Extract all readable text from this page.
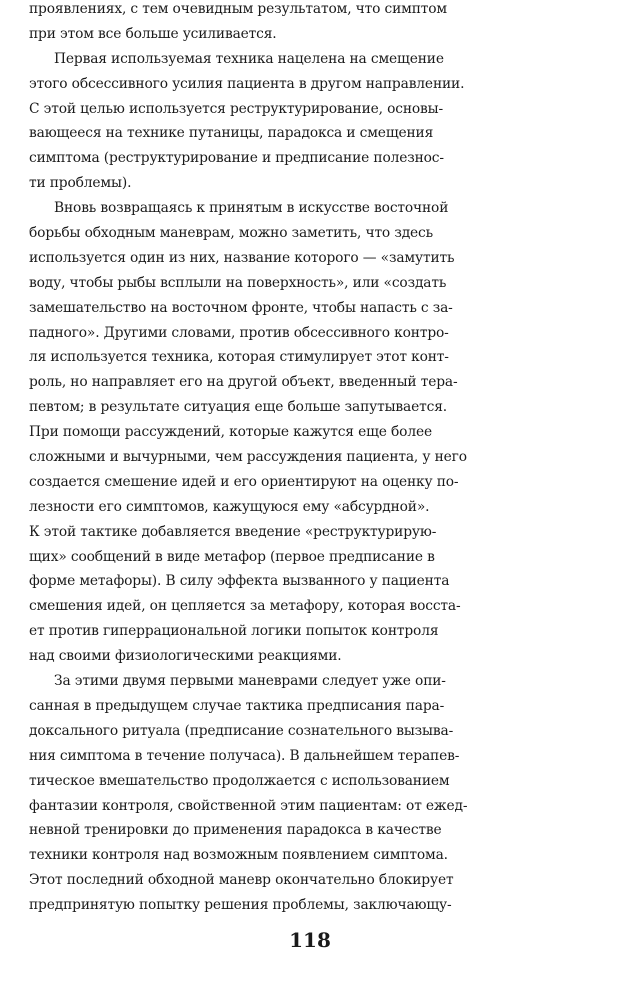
проявлениях, с тем очевидным результатом, что симптом
при этом все больше усиливается.
Первая используемая техника нацелена на смещение
этого обсессивного усилия пациента в другом направлении.
С этой целью используется реструктурирование, основы-
вающееся на технике путаницы, парадокса и смещения
симптома (реструктурирование и предписание полезнос-
ти проблемы).
Вновь возвращаясь к принятым в искусстве восточной
борьбы обходным маневрам, можно заметить, что здесь
используется один из них, название которого — «замутить
воду, чтобы рыбы всплыли на поверхность», или «создать
замешательство на восточном фронте, чтобы напасть с за-
падного». Другими словами, против обсессивного контро-
ля используется техника, которая стимулирует этот конт-
роль, но направляет его на другой объект, введенный тера-
певтом; в результате ситуация еще больше запутывается.
При помощи рассуждений, которые кажутся еще более
сложными и вычурными, чем рассуждения пациента, у него
создается смешение идей и его ориентируют на оценку по-
лезности его симптомов, кажущуюся ему «абсурдной».
К этой тактике добавляется введение «реструктурирую-
щих» сообщений в виде метафор (первое предписание в
форме метафоры). В силу эффекта вызванного у пациента
смешения идей, он цепляется за метафору, которая восста-
ет против гиперрациональной логики попыток контроля
над своими физиологическими реакциями.
За этими двумя первыми маневрами следует уже опи-
санная в предыдущем случае тактика предписания пара-
доксального ритуала (предписание сознательного вызыва-
ния симптома в течение получаса). В дальнейшем терапев-
тическое вмешательство продолжается с использованием
фантазии контроля, свойственной этим пациентам: от ежед-
невной тренировки до применения парадокса в качестве
техники контроля над возможным появлением симптома.
Этот последний обходной маневр окончательно блокирует
предпринятую попытку решения проблемы, заключающу-
118
